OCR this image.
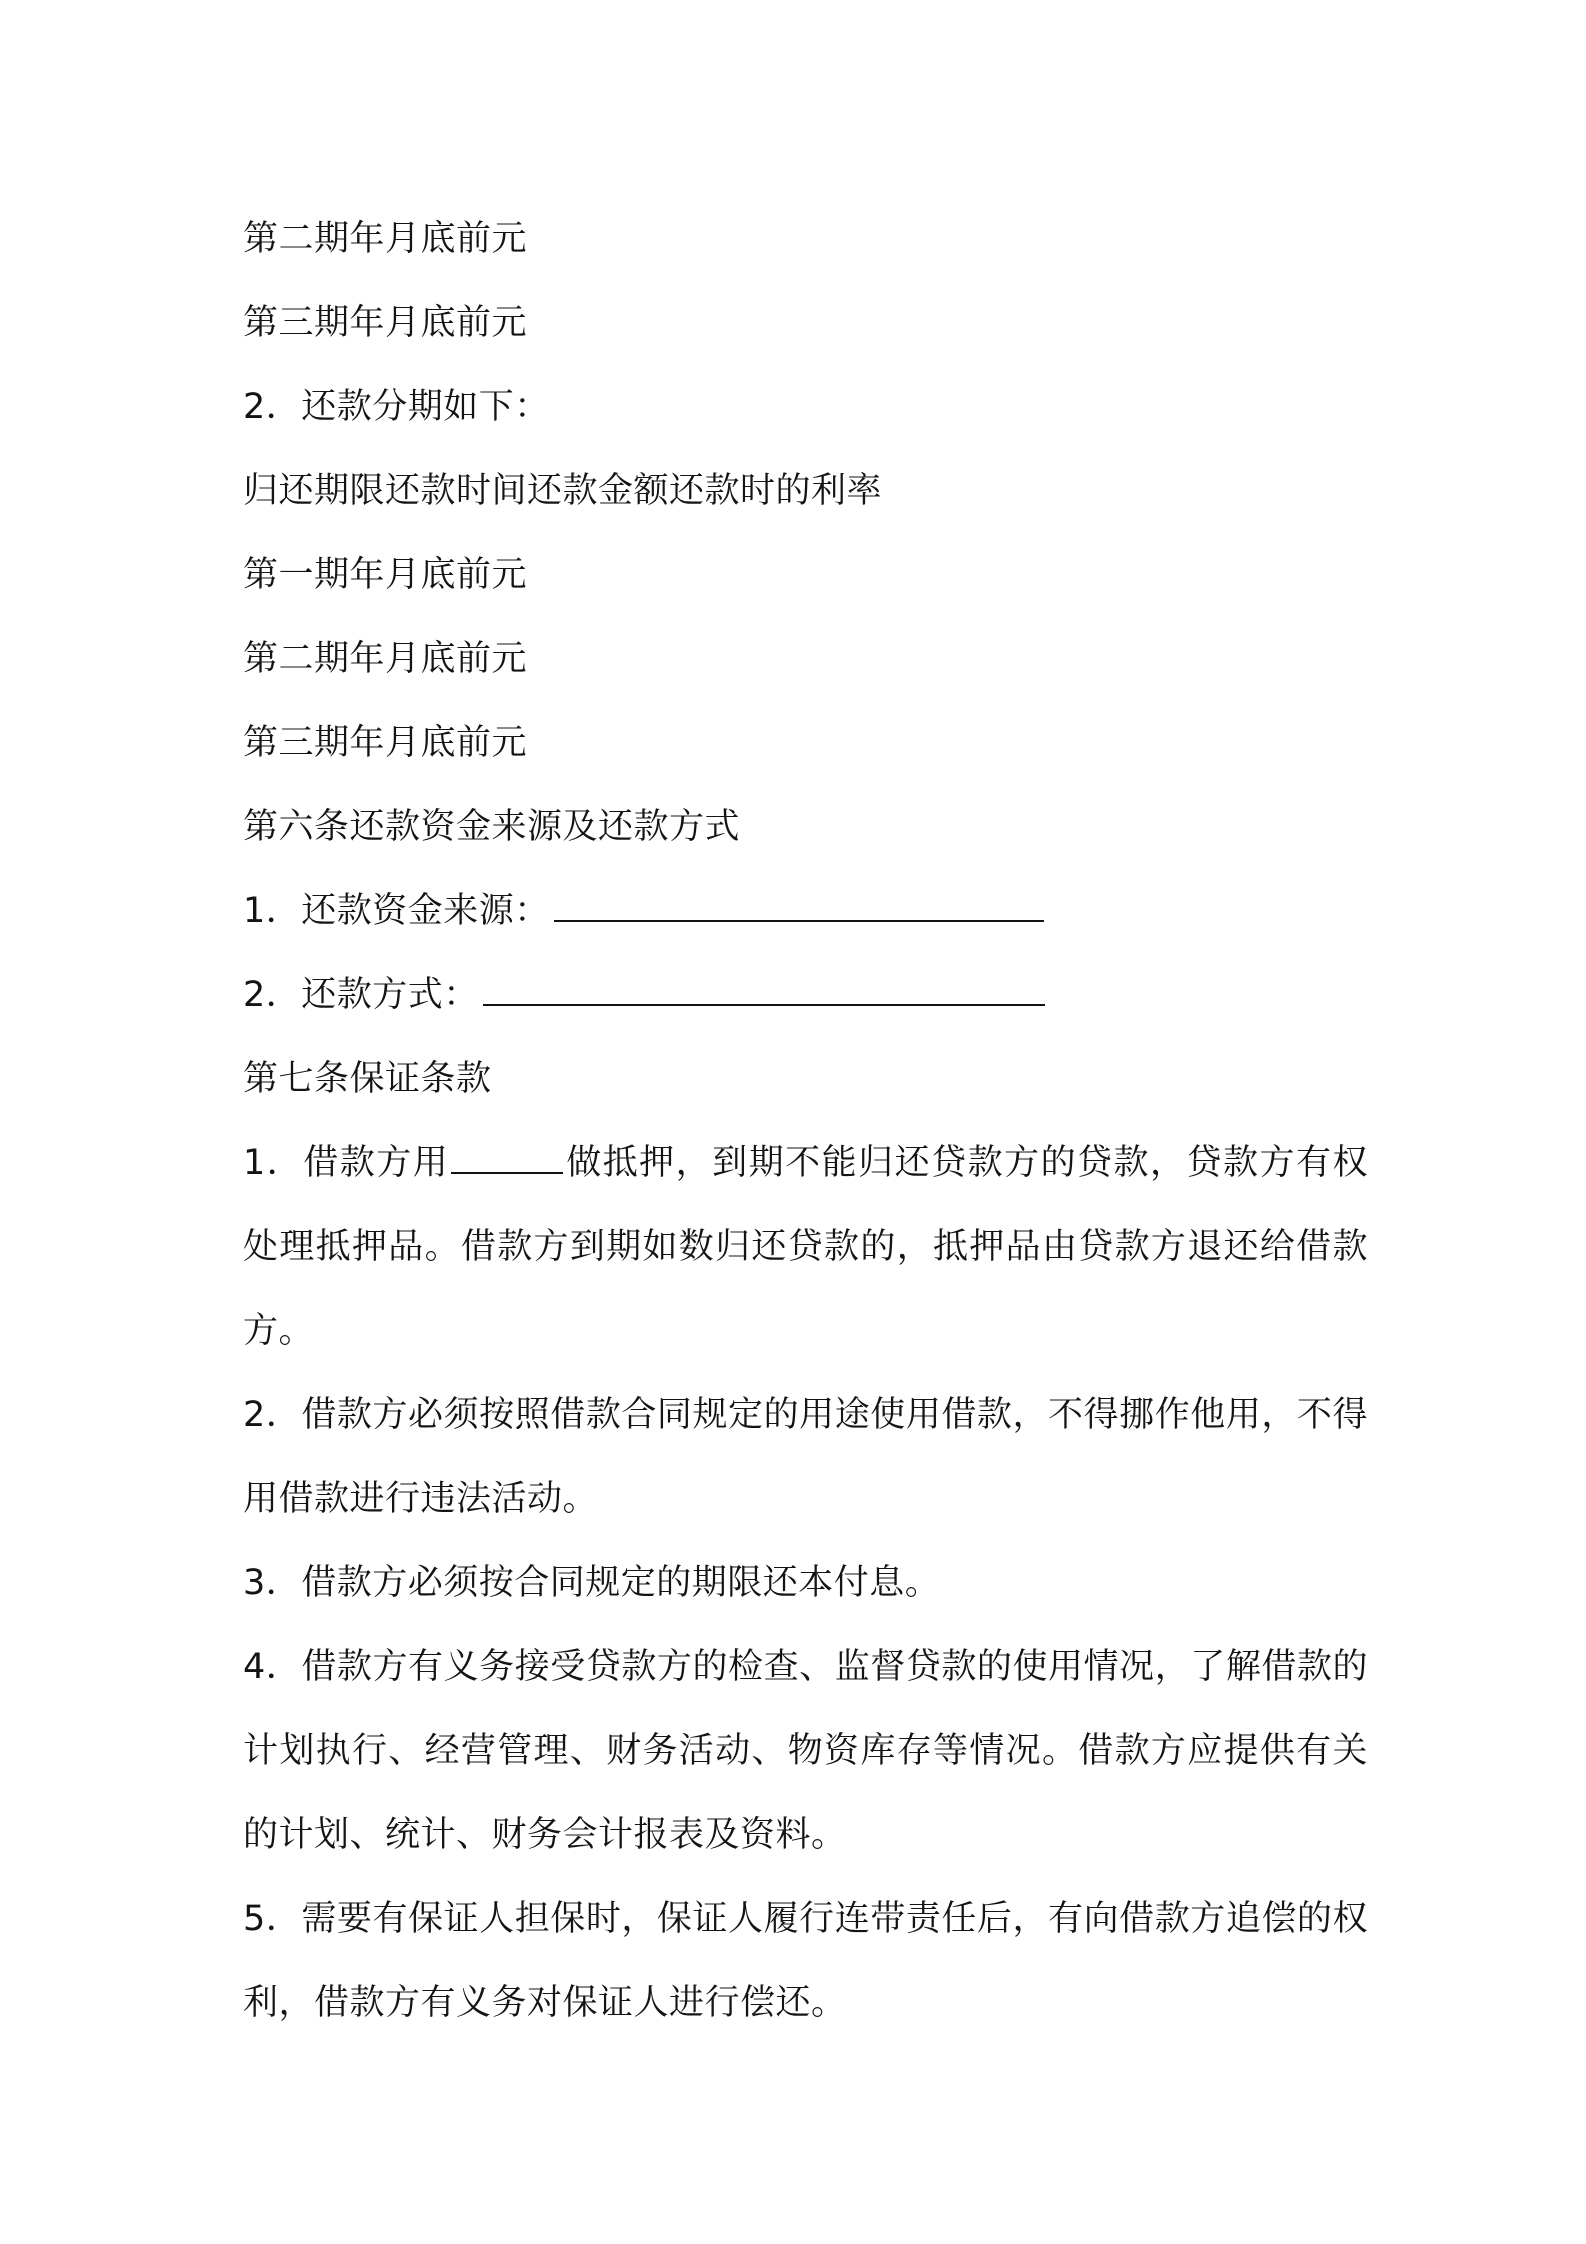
第二期年月底前元
第三期年月底前元
2．还款分期如下：
归还期限还款时间还款金额还款时的利率
第一期年月底前元
第二期年月底前元
第三期年月底前元
第六条还款资金来源及还款方式
1．还款资金来源：
2．还款方式：
第七条保证条款
1．借款方用	做抵押，到期不能归还贷款方的贷款，贷款方有权处理抵押品。借款方到期如数归还贷款的，抵押品由贷款方退还给借款方。
2．借款方必须按照借款合同规定的用途使用借款，不得挪作他用，不得用借款进行违法活动。
3．借款方必须按合同规定的期限还本付息。
4．借款方有义务接受贷款方的检查、监督贷款的使用情况，了解借款的计划执行、经营管理、财务活动、物资库存等情况。借款方应提供有关的计划、统计、财务会计报表及资料。
5．需要有保证人担保时，保证人履行连带责任后，有向借款方追偿的权利，借款方有义务对保证人进行偿还。
